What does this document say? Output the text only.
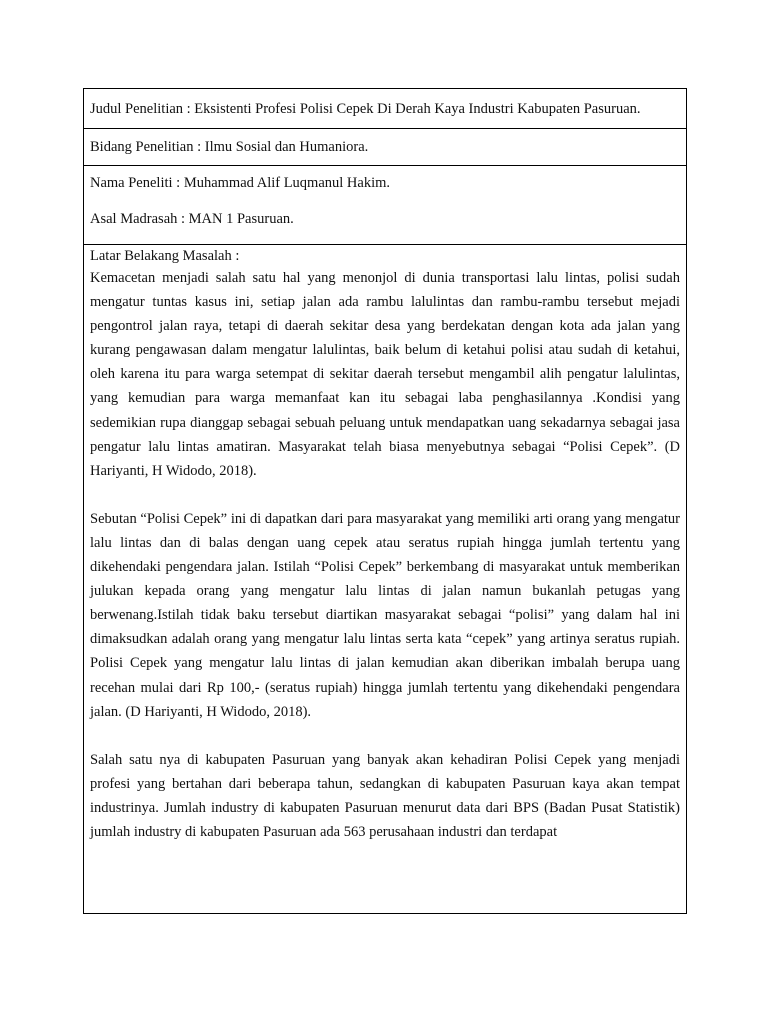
Judul Penelitian : Eksistenti Profesi Polisi Cepek Di Derah Kaya Industri Kabupaten Pasuruan.
Bidang Penelitian : Ilmu Sosial dan Humaniora.
Nama Peneliti : Muhammad Alif Luqmanul Hakim.
Asal Madrasah : MAN 1 Pasuruan.
Latar Belakang Masalah :

Kemacetan menjadi salah satu hal yang menonjol di dunia transportasi lalu lintas, polisi sudah mengatur tuntas kasus ini, setiap jalan ada rambu lalulintas dan rambu-rambu tersebut mejadi pengontrol jalan raya, tetapi di daerah sekitar desa yang berdekatan dengan kota ada jalan yang kurang pengawasan dalam mengatur lalulintas, baik belum di ketahui polisi atau sudah di ketahui, oleh karena itu para warga setempat di sekitar daerah tersebut mengambil alih pengatur lalulintas, yang kemudian para warga memanfaat kan itu sebagai laba penghasilannya .Kondisi yang sedemikian rupa dianggap sebagai sebuah peluang untuk mendapatkan uang sekadarnya sebagai jasa pengatur lalu lintas amatiran. Masyarakat telah biasa menyebutnya sebagai “Polisi Cepek”. (D Hariyanti, H Widodo, 2018).

Sebutan “Polisi Cepek” ini di dapatkan dari para masyarakat yang memiliki arti orang yang mengatur lalu lintas dan di balas dengan uang cepek atau seratus rupiah hingga jumlah tertentu yang dikehendaki pengendara jalan. Istilah “Polisi Cepek” berkembang di masyarakat untuk memberikan julukan kepada orang yang mengatur lalu lintas di jalan namun bukanlah petugas yang berwenang.Istilah tidak baku tersebut diartikan masyarakat sebagai “polisi” yang dalam hal ini dimaksudkan adalah orang yang mengatur lalu lintas serta kata “cepek” yang artinya seratus rupiah. Polisi Cepek yang mengatur lalu lintas di jalan kemudian akan diberikan imbalah berupa uang recehan mulai dari Rp 100,- (seratus rupiah) hingga jumlah tertentu yang dikehendaki pengendara jalan. (D Hariyanti, H Widodo, 2018).

Salah satu nya di kabupaten Pasuruan yang banyak akan kehadiran Polisi Cepek yang menjadi profesi yang bertahan dari beberapa tahun, sedangkan di kabupaten Pasuruan kaya akan tempat industrinya. Jumlah industry di kabupaten Pasuruan menurut data dari BPS (Badan Pusat Statistik) jumlah industry di kabupaten Pasuruan ada 563 perusahaan industri dan terdapat
